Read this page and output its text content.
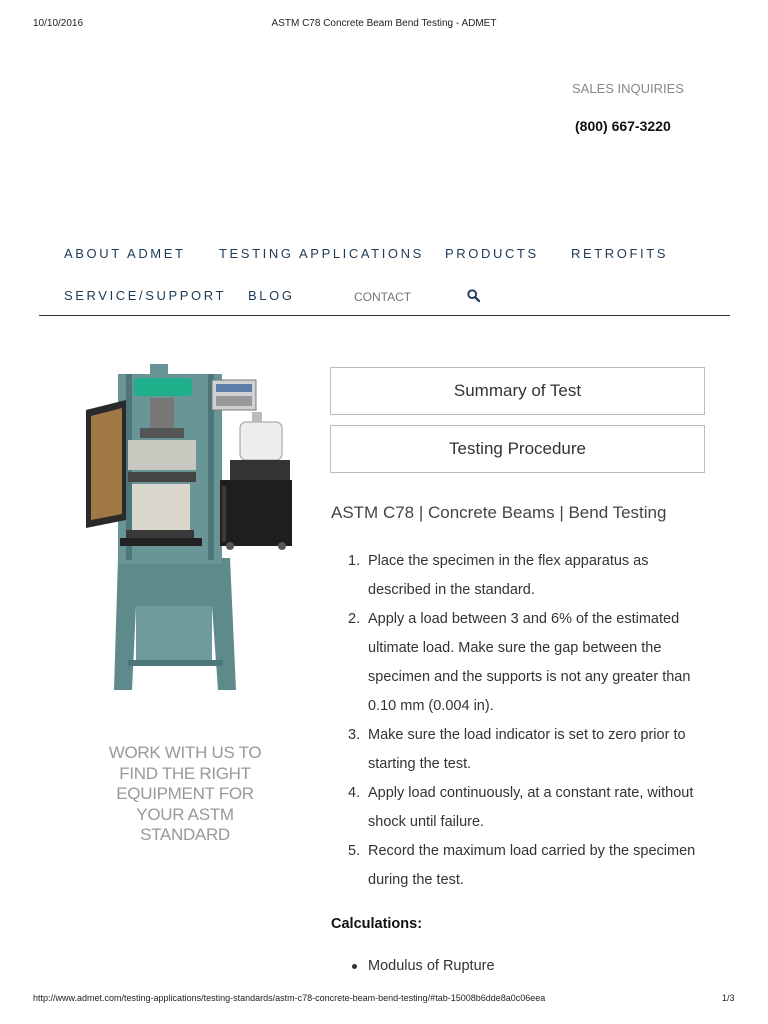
10/10/2016	ASTM C78 Concrete Beam Bend Testing - ADMET
SALES INQUIRIES
(800) 667-3220
ABOUT ADMET	TESTING APPLICATIONS PRODUCTS RETROFITS
SERVICE/SUPPORT BLOG	CONTACT
WORK WITH US TO FIND THE RIGHT EQUIPMENT FOR YOUR ASTM STANDARD
Summary of Test
Testing Procedure
ASTM C78 | Concrete Beams | Bend Testing
1. Place the specimen in the flex apparatus as described in the standard.
2. Apply a load between 3 and 6% of the estimated ultimate load. Make sure the gap between the specimen and the supports is not any greater than 0.10 mm (0.004 in).
3. Make sure the load indicator is set to zero prior to starting the test.
4. Apply load continuously, at a constant rate, without shock until failure.
5. Record the maximum load carried by the specimen during the test.
Calculations:
Modulus of Rupture
http://www.admet.com/testing-applications/testing-standards/astm-c78-concrete-beam-bend-testing/#tab-15008b6dde8a0c06eea	1/3
